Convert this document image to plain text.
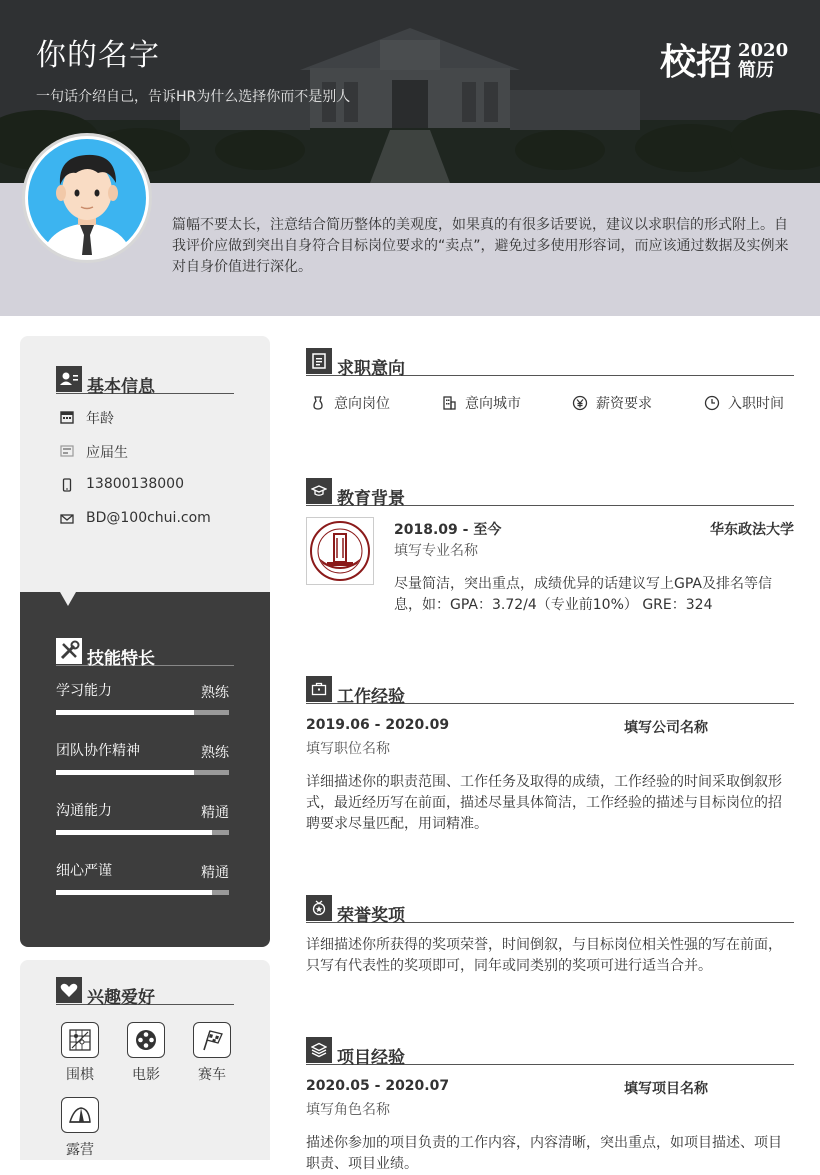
你的名字
一句话介绍自己，告诉HR为什么选择你而不是别人
校招 2020
简历
篇幅不要太长，注意结合简历整体的美观度，如果真的有很多话要说，建议以求职信的形式附上。自我评价应做到突出自身符合目标岗位要求的“卖点”，避免过多使用形容词，而应该通过数据及实例来对自身价值进行深化。
基本信息
年龄
应届生
13800138000
BD@100chui.com
技能特长
学习能力	熟练
团队协作精神	熟练
沟通能力	精通
细心严谨	精通
兴趣爱好
围棋	电影	赛车
露营
求职意向
意向岗位	意向城市	薪资要求	入职时间
教育背景
2018.09 - 至今	华东政法大学
填写专业名称
尽量简洁，突出重点，成绩优异的话建议写上GPA及排名等信息，如：GPA：3.72/4（专业前10%） GRE：324
工作经验
2019.06 - 2020.09	填写公司名称
填写职位名称
详细描述你的职责范围、工作任务及取得的成绩，工作经验的时间采取倒叙形式，最近经历写在前面，描述尽量具体简洁，工作经验的描述与目标岗位的招聘要求尽量匹配，用词精准。
荣誉奖项
详细描述你所获得的奖项荣誉，时间倒叙，与目标岗位相关性强的写在前面，只写有代表性的奖项即可，同年或同类别的奖项可进行适当合并。
项目经验
2020.05 - 2020.07	填写项目名称
填写角色名称
描述你参加的项目负责的工作内容，内容清晰，突出重点，如项目描述、项目职责、项目业绩。
